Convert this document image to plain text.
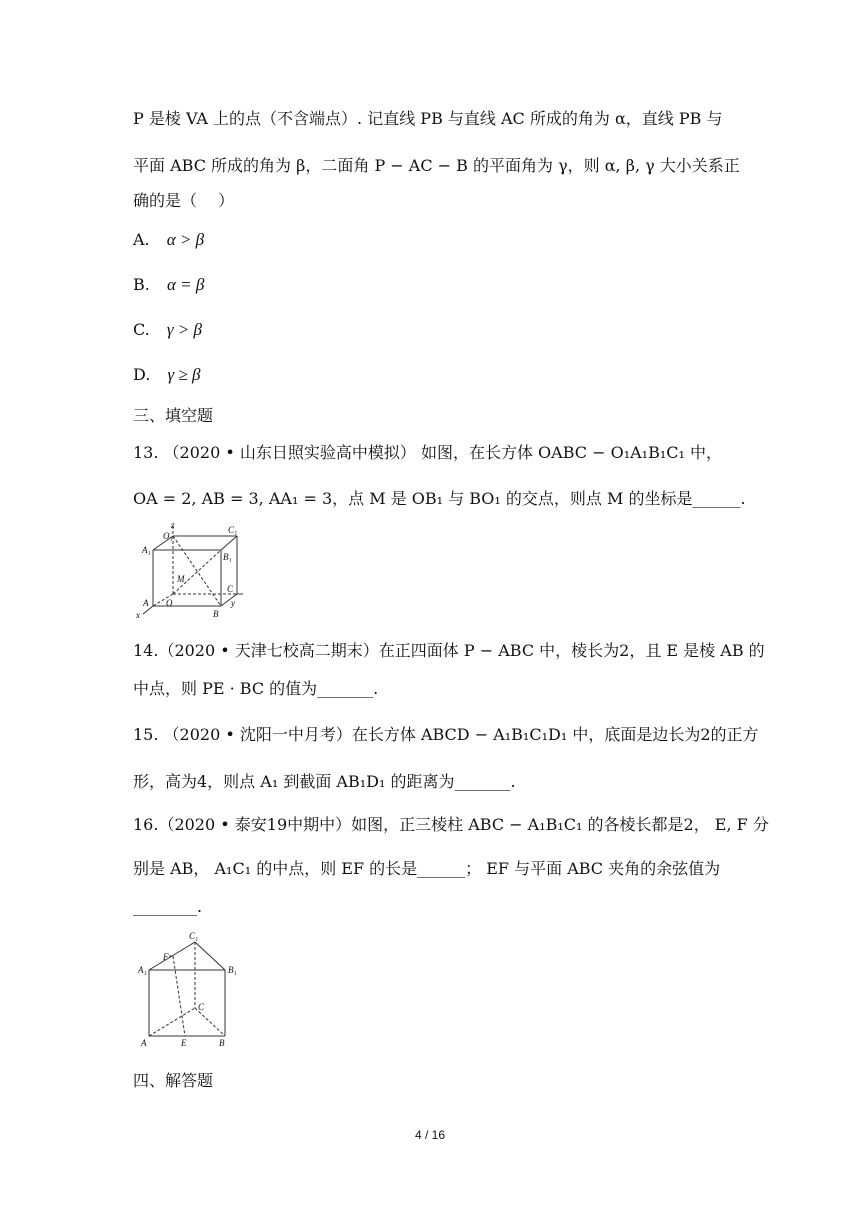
P 是棱 VA 上的点（不含端点）. 记直线 PB 与直线 AC 所成的角为 α，直线 PB 与
平面 ABC 所成的角为 β，二面角 P − AC − B 的平面角为 γ，则 α, β, γ 大小关系正
确的是（　 ）
A. α > β
B. α = β
C. γ > β
D. γ ≥ β
三、填空题
13. （2020 • 山东日照实验高中模拟） 如图，在长方体 OABC − O₁A₁B₁C₁ 中，
OA = 2, AB = 3, AA₁ = 3，点 M 是 OB₁ 与 BO₁ 的交点，则点 M 的坐标是______.
z
O₁
A₁
C₁
B₁
M
C
A O	y
x	B
14.（2020 • 天津七校高二期末）在正四面体 P − ABC 中，棱长为2，且 E 是棱 AB 的
中点，则 PE · BC 的值为_______.
15. （2020 • 沈阳一中月考）在长方体 ABCD − A₁B₁C₁D₁ 中，底面是边长为2的正方
形，高为4，则点 A₁ 到截面 AB₁D₁ 的距离为_______.
16.（2020 • 泰安19中期中）如图，正三棱柱 ABC − A₁B₁C₁ 的各棱长都是2， E, F 分
别是 AB， A₁C₁ 的中点，则 EF 的长是______； EF 与平面 ABC 夹角的余弦值为
________.
C₁
A₁
F
B₁
C
A	E	B
四、解答题
4 / 16
